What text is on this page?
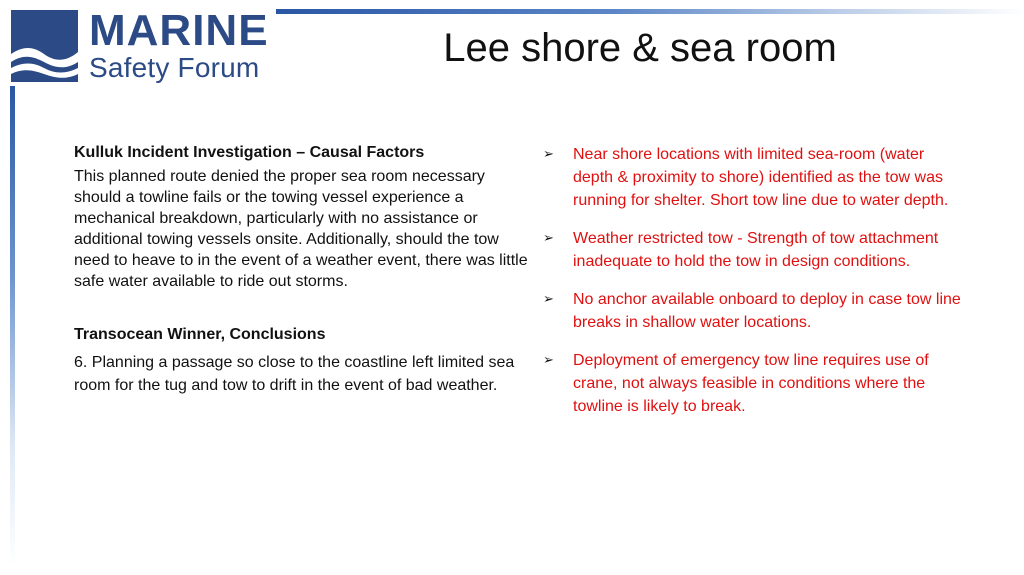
MARINE
Safety Forum	Lee shore & sea room

Kulluk Incident Investigation – Causal Factors

This planned route denied the proper sea room necessary should a towline fails or the towing vessel experience a mechanical breakdown, particularly with no assistance or additional towing vessels onsite. Additionally, should the tow need to heave to in the event of a weather event, there was little safe water available to ride out storms.

Transocean Winner, Conclusions

6. Planning a passage so close to the coastline left limited sea room for the tug and tow to drift in the event of bad weather.

➢ Near shore locations with limited sea-room (water depth & proximity to shore) identified as the tow was running for shelter. Short tow line due to water depth.
➢ Weather restricted tow - Strength of tow attachment inadequate to hold the tow in design conditions.
➢ No anchor available onboard to deploy in case tow line breaks in shallow water locations.
➢ Deployment of emergency tow line requires use of crane, not always feasible in conditions where the towline is likely to break.
